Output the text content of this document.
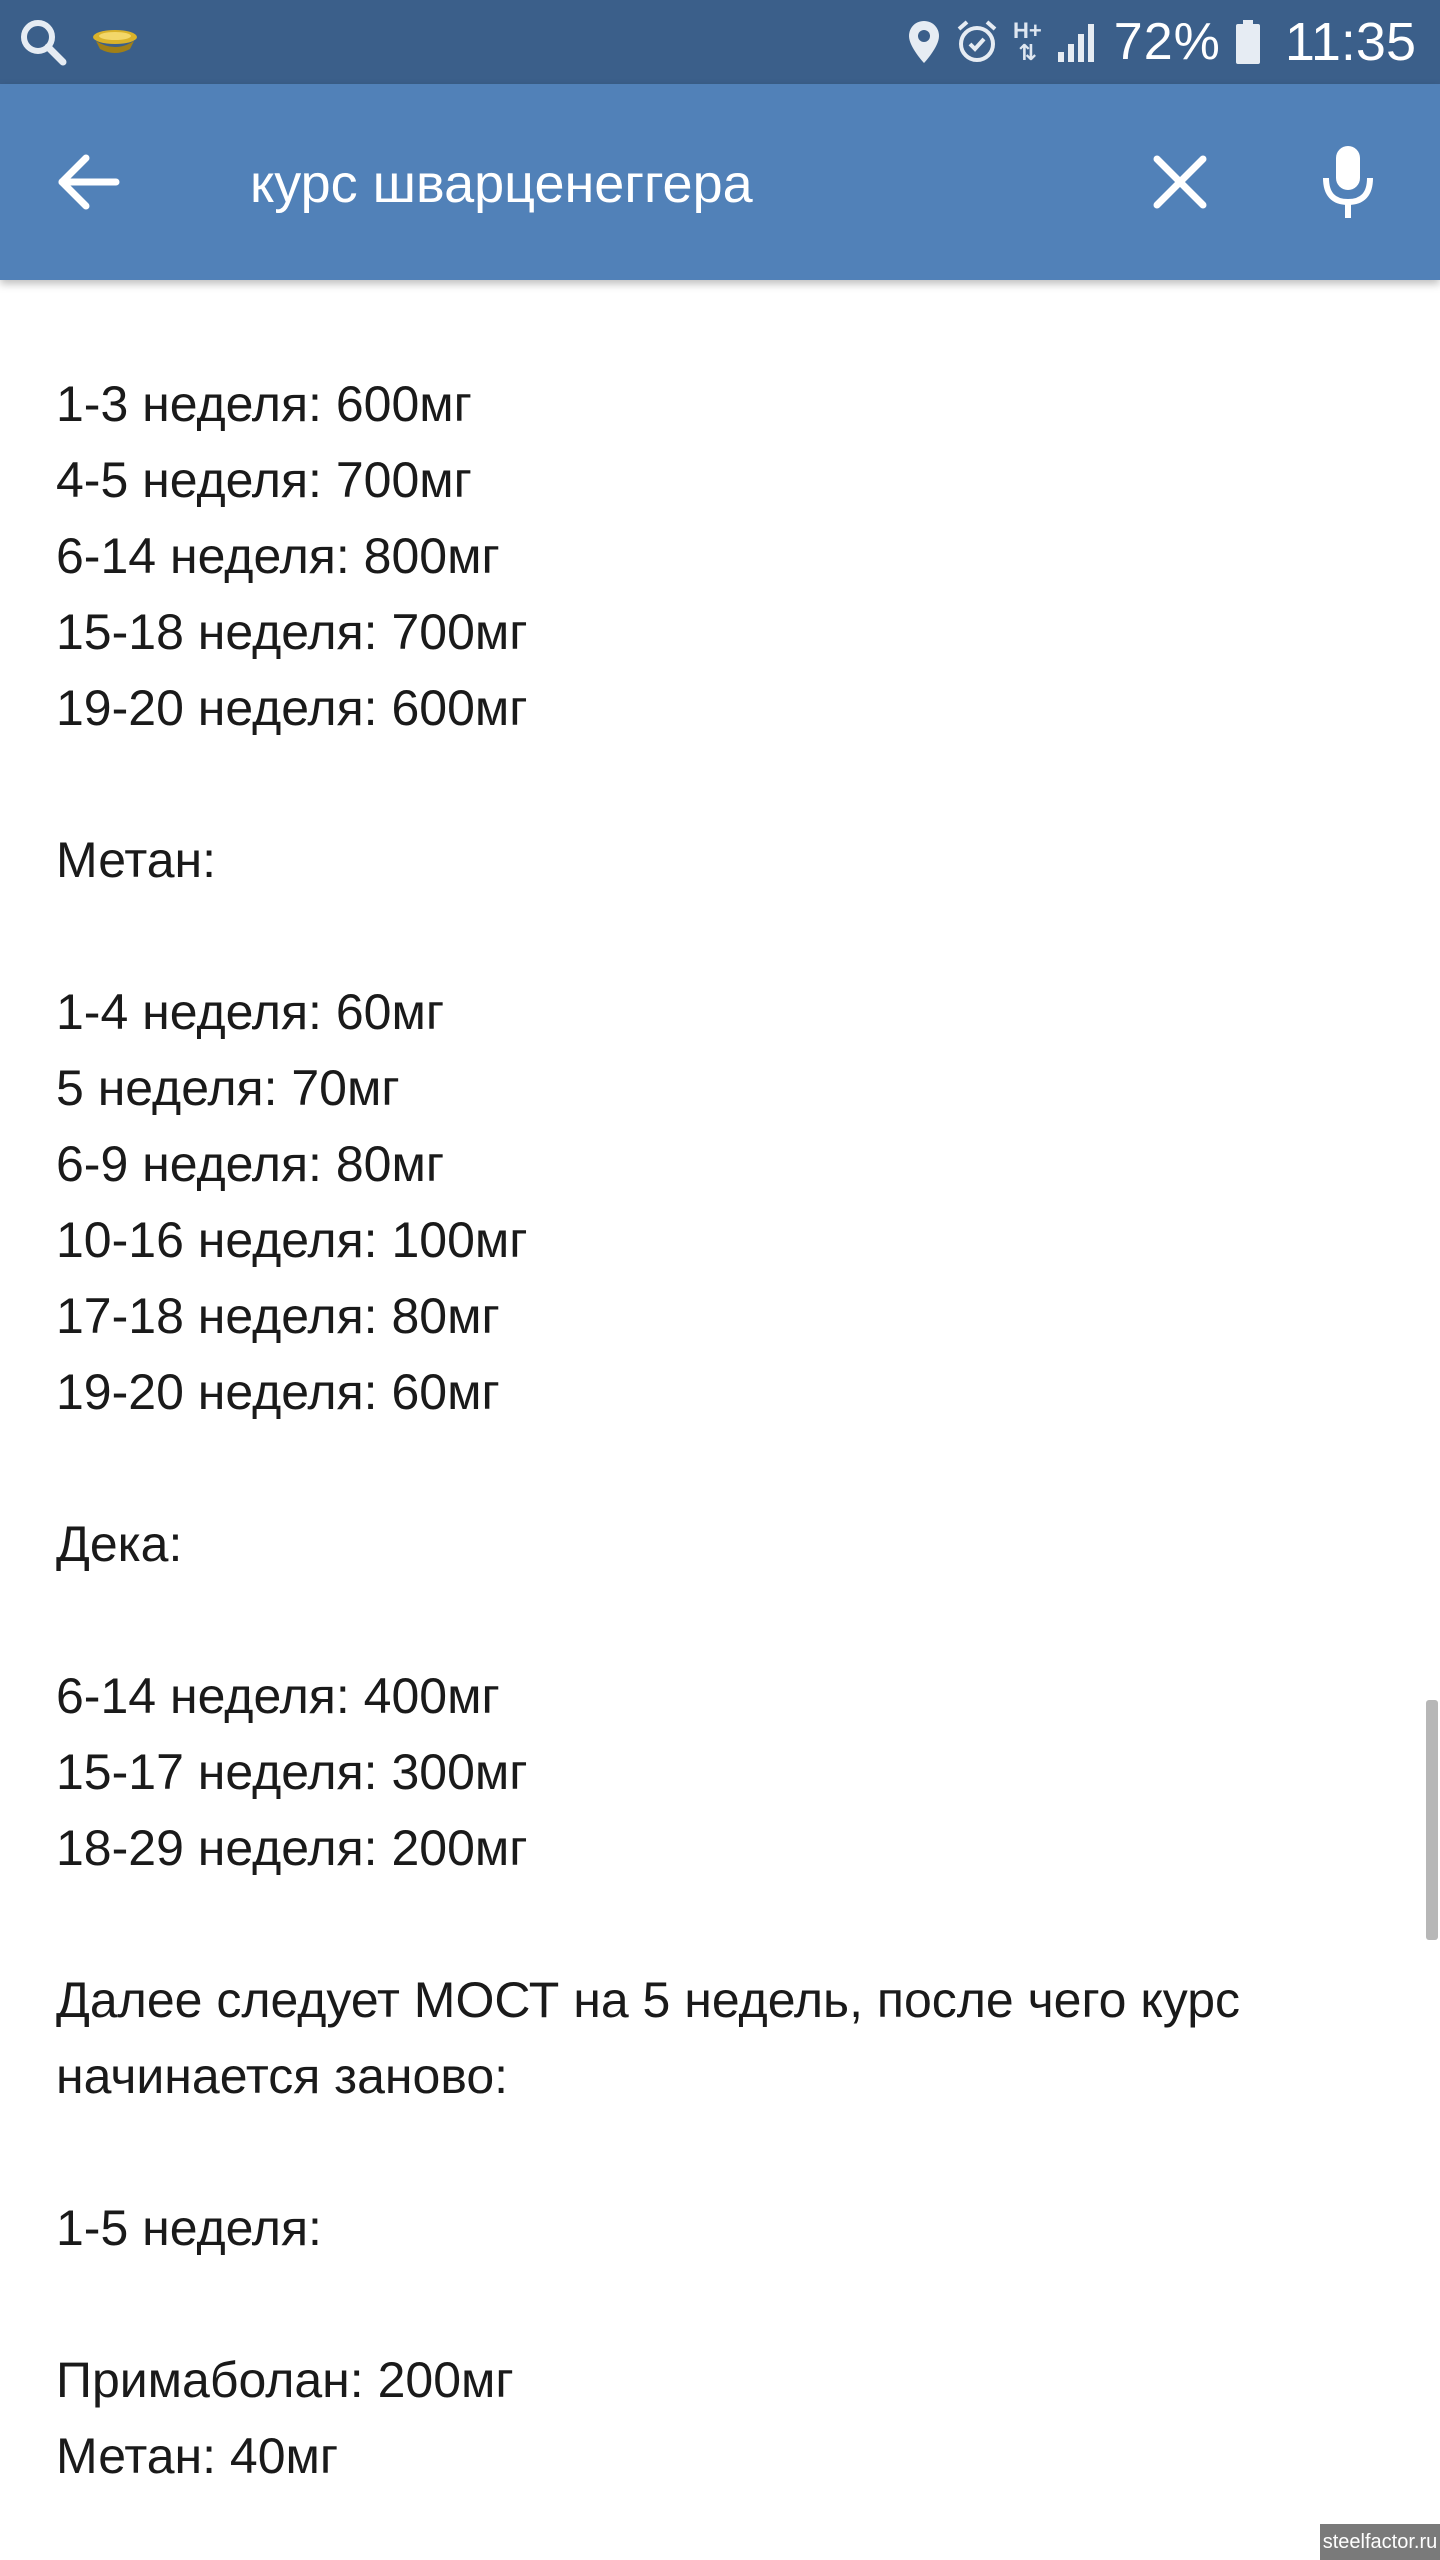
H+
⇅ 72% 11:35
курс шварценеггера
1-3 неделя: 600мг
4-5 неделя: 700мг
6-14 неделя: 800мг
15-18 неделя: 700мг
19-20 неделя: 600мг
Метан:
1-4 неделя: 60мг
5 неделя: 70мг
6-9 неделя: 80мг
10-16 неделя: 100мг
17-18 неделя: 80мг
19-20 неделя: 60мг
Дека:
6-14 неделя: 400мг
15-17 неделя: 300мг
18-29 неделя: 200мг
Далее следует МОСТ на 5 недель, после чего курс
начинается заново:
1-5 неделя:
Примаболан: 200мг
Метан: 40мг
steelfactor.ru
